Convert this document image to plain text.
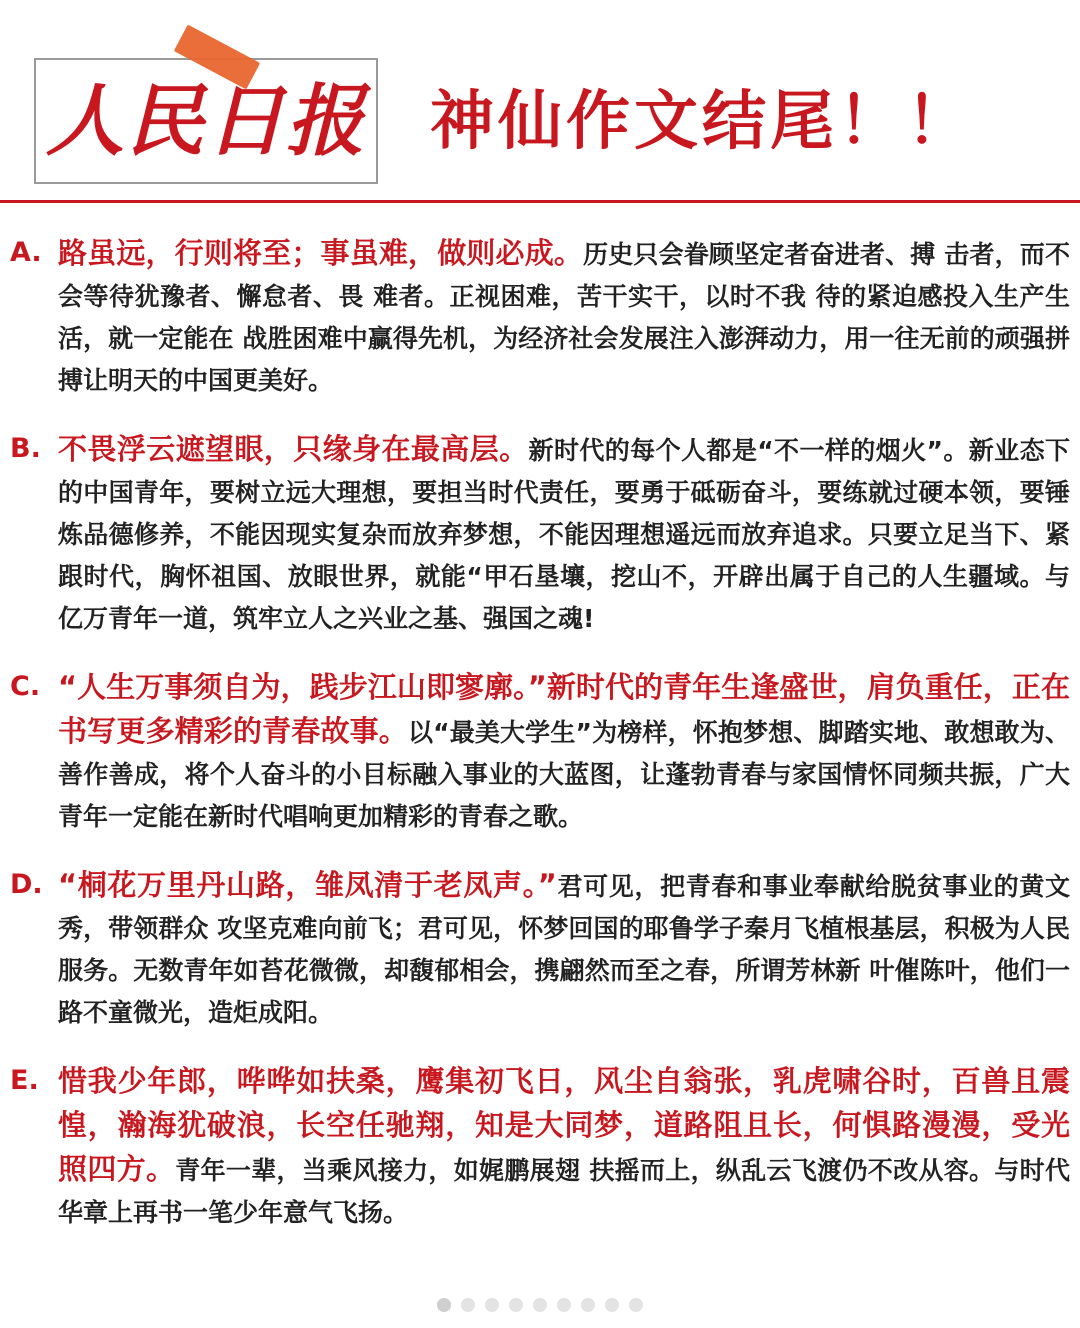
人民日报 神仙作文结尾！！
A. 路虽远，行则将至；事虽难，做则必成。历史只会眷顾坚定者奋进者、搏 击者，而不会等待犹豫者、懈怠者、畏 难者。正视困难，苦干实干，以时不我 待的紧迫感投入生产生活，就一定能在 战胜困难中赢得先机，为经济社会发展注入澎湃动力，用一往无前的顽强拼搏让明天的中国更美好。
B. 不畏浮云遮望眼，只缘身在最高层。新时代的每个人都是“不一样的烟火”。新业态下的中国青年，要树立远大理想，要担当时代责任，要勇于砥砺奋斗，要练就过硬本领，要锤炼品德修养，不能因现实复杂而放弃梦想，不能因理想遥远而放弃追求。只要立足当下、紧跟时代，胸怀祖国、放眼世界，就能“甲石垦壤，挖山不，开辟出属于自己的人生疆域。与亿万青年一道，筑牢立人之兴业之基、强国之魂!
C. “人生万事须自为，践步江山即寥廓。”新时代的青年生逢盛世，肩负重任，正在书写更多精彩的青春故事。以“最美大学生”为榜样，怀抱梦想、脚踏实地、敢想敢为、善作善成，将个人奋斗的小目标融入事业的大蓝图，让蓬勃青春与家国情怀同频共振，广大青年一定能在新时代唱响更加精彩的青春之歌。
D. “桐花万里丹山路，雏凤清于老凤声。”君可见，把青春和事业奉献给脱贫事业的黄文秀，带领群众 攻坚克难向前飞；君可见，怀梦回国的耶鲁学子秦月飞植根基层，积极为人民服务。无数青年如苔花微微，却馥郁相会，携翩然而至之春，所谓芳林新 叶催陈叶，他们一路不童微光，造炬成阳。
E. 惜我少年郎，哗哗如扶桑，鹰集初飞日，风尘自翁张，乳虎啸谷时，百兽且震惶，瀚海犹破浪，长空任驰翔，知是大同梦，道路阻且长，何惧路漫漫，受光照四方。青年一辈，当乘风接力，如娓鹏展翅 扶摇而上，纵乱云飞渡仍不改从容。与时代华章上再书一笔少年意气飞扬。
